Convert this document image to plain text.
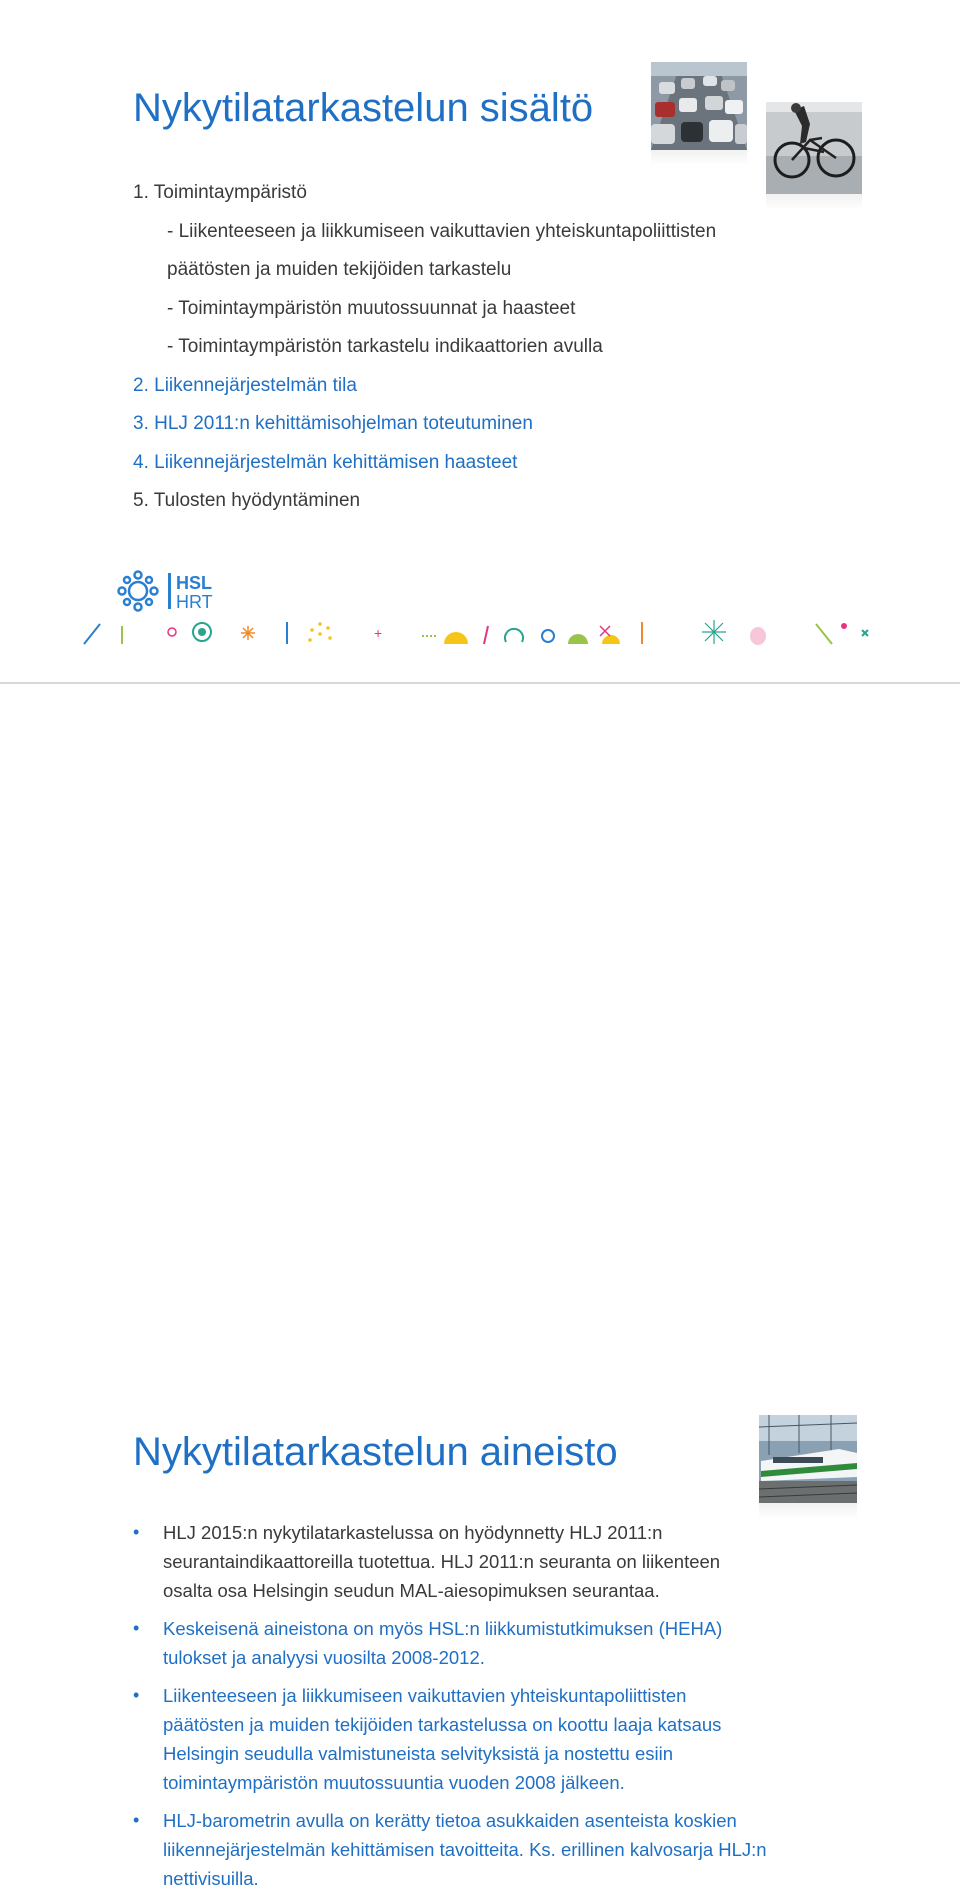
Nykytilatarkastelun sisältö
1. Toimintaympäristö
- Liikenteeseen ja liikkumiseen vaikuttavien yhteiskuntapoliittisten
päätösten ja muiden tekijöiden tarkastelu
- Toimintaympäristön muutossuunnat ja haasteet
- Toimintaympäristön tarkastelu indikaattorien avulla
2. Liikennejärjestelmän tila
3. HLJ 2011:n kehittämisohjelman toteutuminen
4. Liikennejärjestelmän kehittämisen haasteet
5. Tulosten hyödyntäminen
HSL
HRT
+
Nykytilatarkastelun aineisto
• HLJ 2015:n nykytilatarkastelussa on hyödynnetty HLJ 2011:n
seurantaindikaattoreilla tuotettua. HLJ 2011:n seuranta on liikenteen
osalta osa Helsingin seudun MAL-aiesopimuksen seurantaa.
• Keskeisenä aineistona on myös HSL:n liikkumistutkimuksen (HEHA)
tulokset ja analyysi vuosilta 2008-2012.
• Liikenteeseen ja liikkumiseen vaikuttavien yhteiskuntapoliittisten
päätösten ja muiden tekijöiden tarkastelussa on koottu laaja katsaus
Helsingin seudulla valmistuneista selvityksistä ja nostettu esiin
toimintaympäristön muutossuuntia vuoden 2008 jälkeen.
• HLJ-barometrin avulla on kerätty tietoa asukkaiden asenteista koskien
liikennejärjestelmän kehittämisen tavoitteita. Ks. erillinen kalvosarja HLJ:n
nettivisuilla.
